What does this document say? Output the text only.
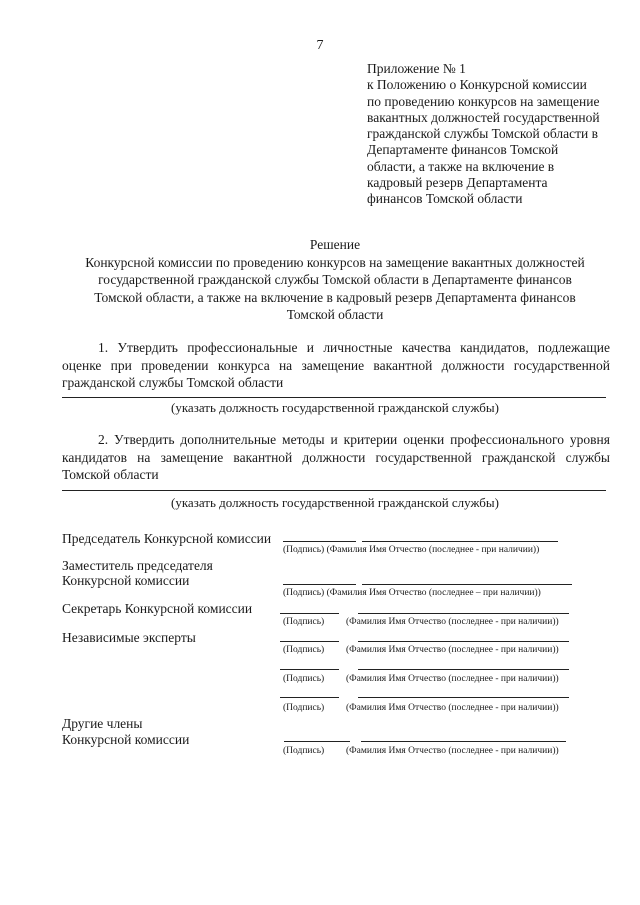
7
Приложение № 1
к Положению о Конкурсной комиссии
по проведению конкурсов на замещение
вакантных должностей государственной
гражданской службы Томской области в
Департаменте финансов Томской
области, а также на включение в
кадровый резерв Департамента
финансов Томской области
Решение
Конкурсной комиссии по проведению конкурсов на замещение вакантных должностей
государственной гражданской службы Томской области в Департаменте финансов
Томской области, а также на включение в кадровый резерв Департамента финансов
Томской области
1. Утвердить профессиональные и личностные качества кандидатов, подлежащие
оценке при проведении конкурса на замещение вакантной должности государственной
гражданской службы Томской области
(указать должность государственной гражданской службы)
2. Утвердить дополнительные методы и критерии оценки профессионального уровня
кандидатов на замещение вакантной должности государственной гражданской службы
Томской области
(указать должность государственной гражданской службы)
Председатель Конкурсной комиссии
(Подпись) (Фамилия Имя Отчество (последнее - при наличии))
Заместитель председателя
Конкурсной комиссии
(Подпись) (Фамилия Имя Отчество (последнее – при наличии))
Секретарь Конкурсной комиссии
(Подпись) (Фамилия Имя Отчество (последнее - при наличии))
Независимые эксперты
(Подпись) (Фамилия Имя Отчество (последнее - при наличии))
(Подпись) (Фамилия Имя Отчество (последнее - при наличии))
(Подпись) (Фамилия Имя Отчество (последнее - при наличии))
Другие члены
Конкурсной комиссии
(Подпись) (Фамилия Имя Отчество (последнее - при наличии))
